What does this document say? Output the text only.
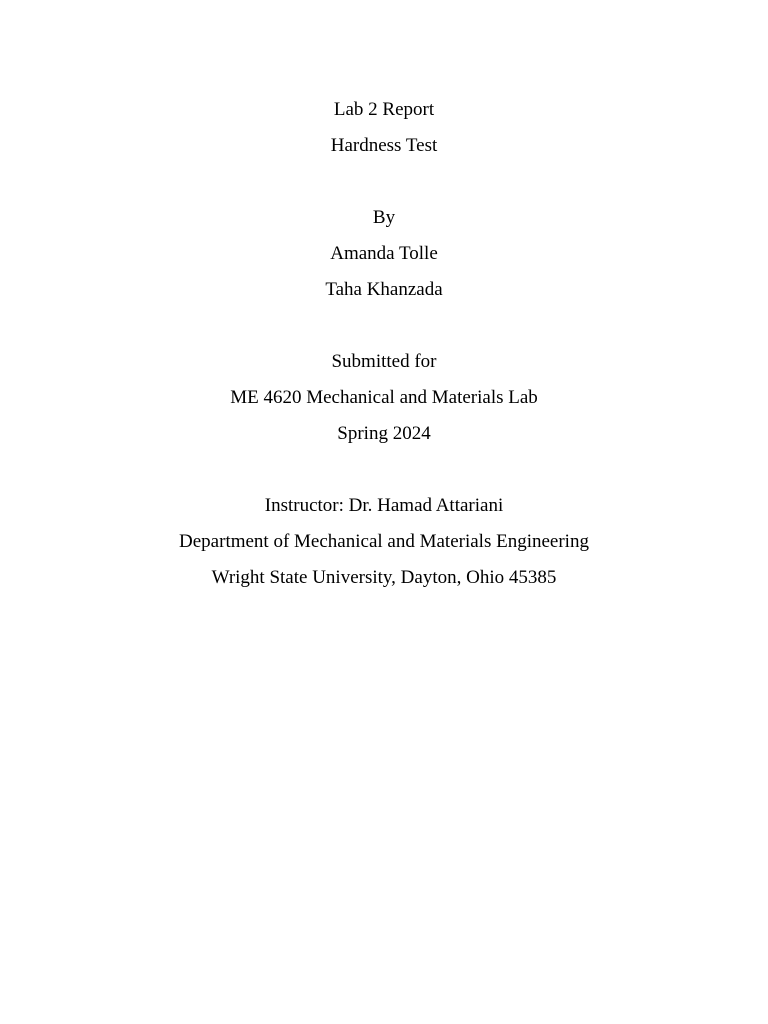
Lab 2 Report
Hardness Test
By
Amanda Tolle
Taha Khanzada
Submitted for
ME 4620 Mechanical and Materials Lab
Spring 2024
Instructor: Dr. Hamad Attariani
Department of Mechanical and Materials Engineering
Wright State University, Dayton, Ohio 45385
